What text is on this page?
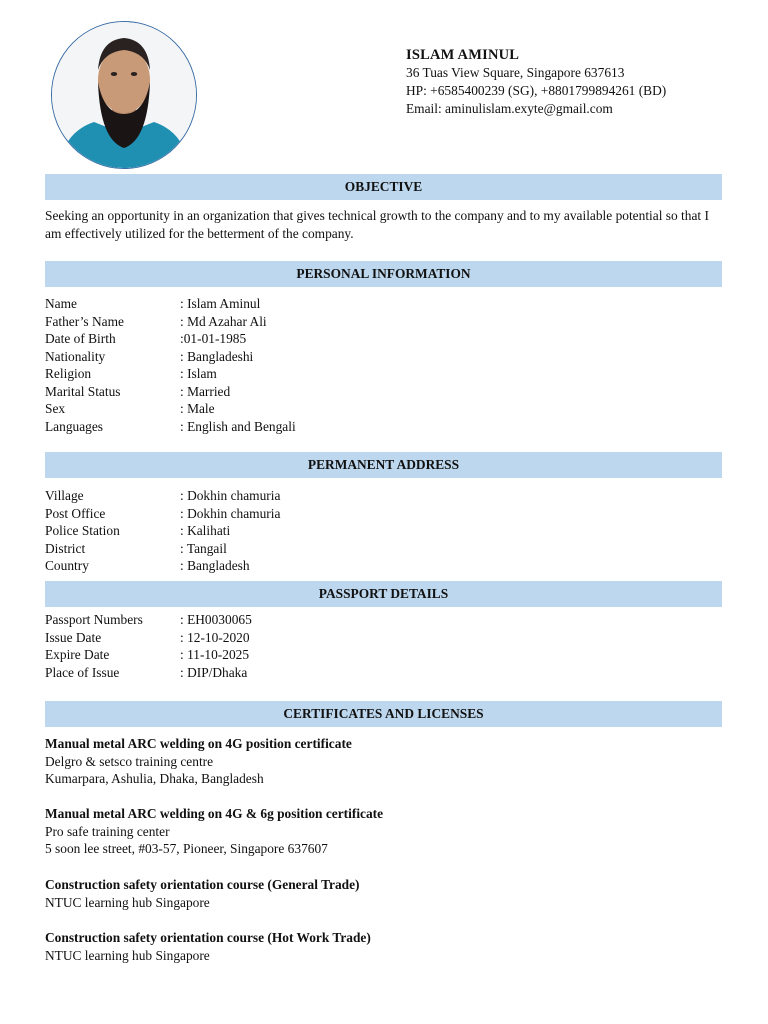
ISLAM AMINUL
36 Tuas View Square, Singapore 637613
HP: +6585400239 (SG), +8801799894261 (BD)
Email: aminulislam.exyte@gmail.com
OBJECTIVE
Seeking an opportunity in an organization that gives technical growth to the company and to my available potential so that I am effectively utilized for the betterment of the company.
PERSONAL INFORMATION
Name	: Islam Aminul
Father’s Name	: Md Azahar Ali
Date of Birth	:01-01-1985
Nationality	: Bangladeshi
Religion	: Islam
Marital Status	: Married
Sex	: Male
Languages	: English and Bengali
PERMANENT ADDRESS
Village	: Dokhin chamuria
Post Office	: Dokhin chamuria
Police Station	: Kalihati
District	: Tangail
Country	: Bangladesh
PASSPORT DETAILS
Passport Numbers	: EH0030065
Issue Date	: 12-10-2020
Expire Date	: 11-10-2025
Place of Issue	: DIP/Dhaka
CERTIFICATES AND LICENSES
Manual metal ARC welding on 4G position certificate
Delgro & setsco training centre
Kumarpara, Ashulia, Dhaka, Bangladesh
Manual metal ARC welding on 4G & 6g position certificate
Pro safe training center
5 soon lee street, #03-57, Pioneer, Singapore 637607
Construction safety orientation course (General Trade)
NTUC learning hub Singapore
Construction safety orientation course (Hot Work Trade)
NTUC learning hub Singapore
